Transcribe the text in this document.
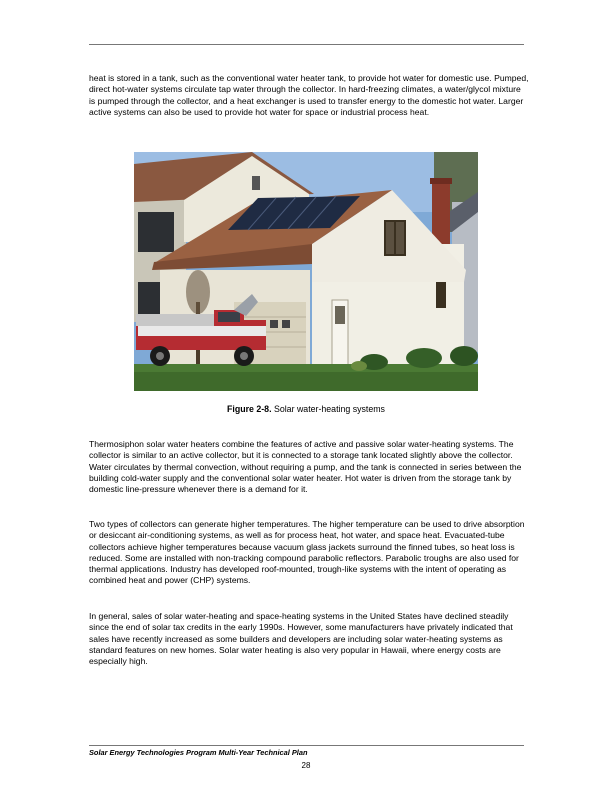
heat is stored in a tank, such as the conventional water heater tank, to provide hot water for domestic use. Pumped, direct hot-water systems circulate tap water through the collector. In hard-freezing climates, a water/glycol mixture is pumped through the collector, and a heat exchanger is used to transfer energy to the domestic hot water. Larger active systems can also be used to provide hot water for space or industrial process heat.

Figure 2-8. Solar water-heating systems

Thermosiphon solar water heaters combine the features of active and passive solar water-heating systems. The collector is similar to an active collector, but it is connected to a storage tank located slightly above the collector. Water circulates by thermal convection, without requiring a pump, and the tank is connected in series between the building cold-water supply and the conventional solar water heater. Hot water is driven from the storage tank by domestic line-pressure whenever there is a demand for it.

Two types of collectors can generate higher temperatures. The higher temperature can be used to drive absorption or desiccant air-conditioning systems, as well as for process heat, hot water, and space heat. Evacuated-tube collectors achieve higher temperatures because vacuum glass jackets surround the finned tubes, so heat loss is reduced. Some are installed with non-tracking compound parabolic reflectors. Parabolic troughs are also used for thermal applications. Industry has developed roof-mounted, trough-like systems with the intent of operating as combined heat and power (CHP) systems.

In general, sales of solar water-heating and space-heating systems in the United States have declined steadily since the end of solar tax credits in the early 1990s. However, some manufacturers have privately indicated that sales have recently increased as some builders and developers are including solar water-heating systems as standard features on new homes. Solar water heating is also very popular in Hawaii, where energy costs are especially high.

Solar Energy Technologies Program Multi-Year Technical Plan
28
